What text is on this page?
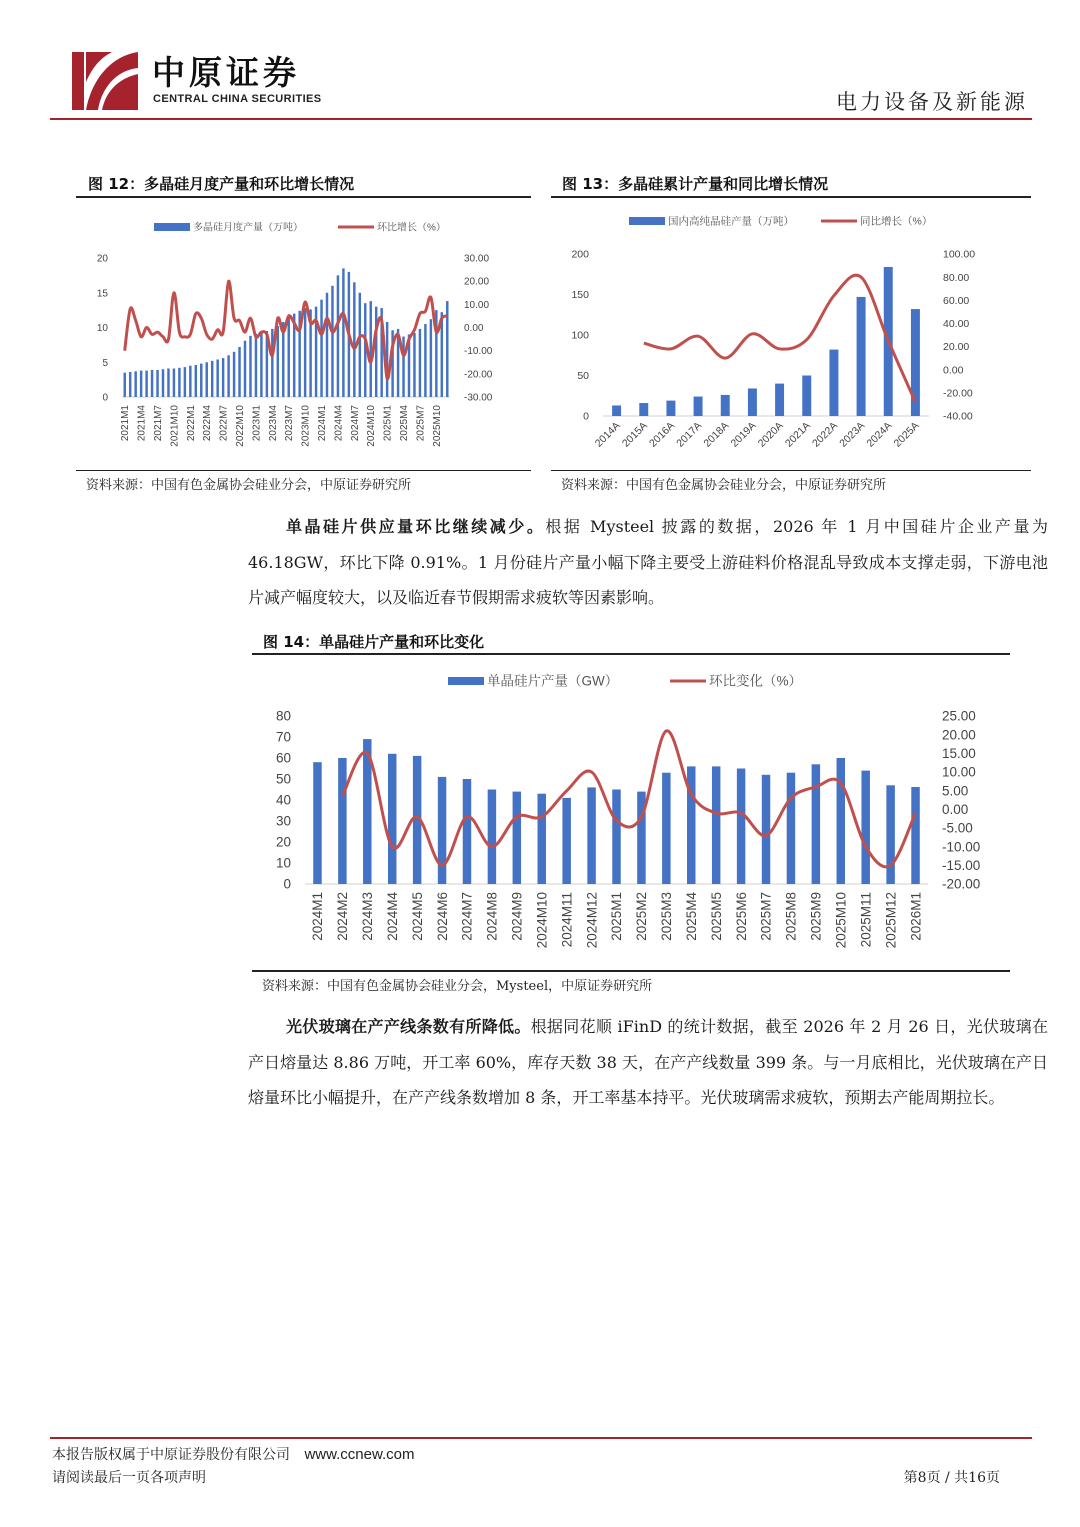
中原证券
CENTRAL CHINA SECURITIES	电力设备及新能源
图 12：多晶硅月度产量和环比增长情况
多晶硅月度产量（万吨）	环比增长（%）
0
5
10
15
20
-30.00
-20.00
-10.00
0.00
10.00
20.00
30.00
2021M1 2021M4 2021M7 2021M10 2022M1 2022M4 2022M7 2022M10 2023M1 2023M4 2023M7 2023M10 2024M1 2024M4 2024M7 2024M10 2025M1 2025M4 2025M7 2025M10
资料来源：中国有色金属协会硅业分会，中原证券研究所
图 13：多晶硅累计产量和同比增长情况
国内高纯晶硅产量（万吨）	同比增长（%）
0
50
100
150
200
-40.00
-20.00
0.00
20.00
40.00
60.00
80.00
100.00
2014A
2015A
2016A
2017A
2018A
2019A
2020A
2021A
2022A
2023A
2024A
2025A
资料来源：中国有色金属协会硅业分会，中原证券研究所

单晶硅片供应量环比继续减少。根据 Mysteel 披露的数据，2026 年 1 月中国硅片企业产量为 46.18GW，环比下降 0.91%。1 月份硅片产量小幅下降主要受上游硅料价格混乱导致成本支撑走弱，下游电池片减产幅度较大，以及临近春节假期需求疲软等因素影响。

图 14：单晶硅片产量和环比变化
单晶硅片产量（GW）	环比变化（%）
0
10
20
30
40
50
60
70
80
-20.00
-15.00
-10.00
-5.00
0.00
5.00
10.00
15.00
20.00
25.00
2024M1 2024M2 2024M3 2024M4 2024M5 2024M6 2024M7 2024M8 2024M9 2024M10 2024M11 2024M12 2025M1 2025M2 2025M3 2025M4 2025M5 2025M6 2025M7 2025M8 2025M9 2025M10 2025M11 2025M12 2026M1
资料来源：中国有色金属协会硅业分会，Mysteel，中原证券研究所

光伏玻璃在产产线条数有所降低。根据同花顺 iFinD 的统计数据，截至 2026 年 2 月 26 日，光伏玻璃在产日熔量达 8.86 万吨，开工率 60%，库存天数 38 天，在产产线数量 399 条。与一月底相比，光伏玻璃在产日熔量环比小幅提升，在产产线条数增加 8 条，开工率基本持平。光伏玻璃需求疲软，预期去产能周期拉长。

本报告版权属于中原证券股份有限公司 www.ccnew.com
请阅读最后一页各项声明	第8页 / 共16页
